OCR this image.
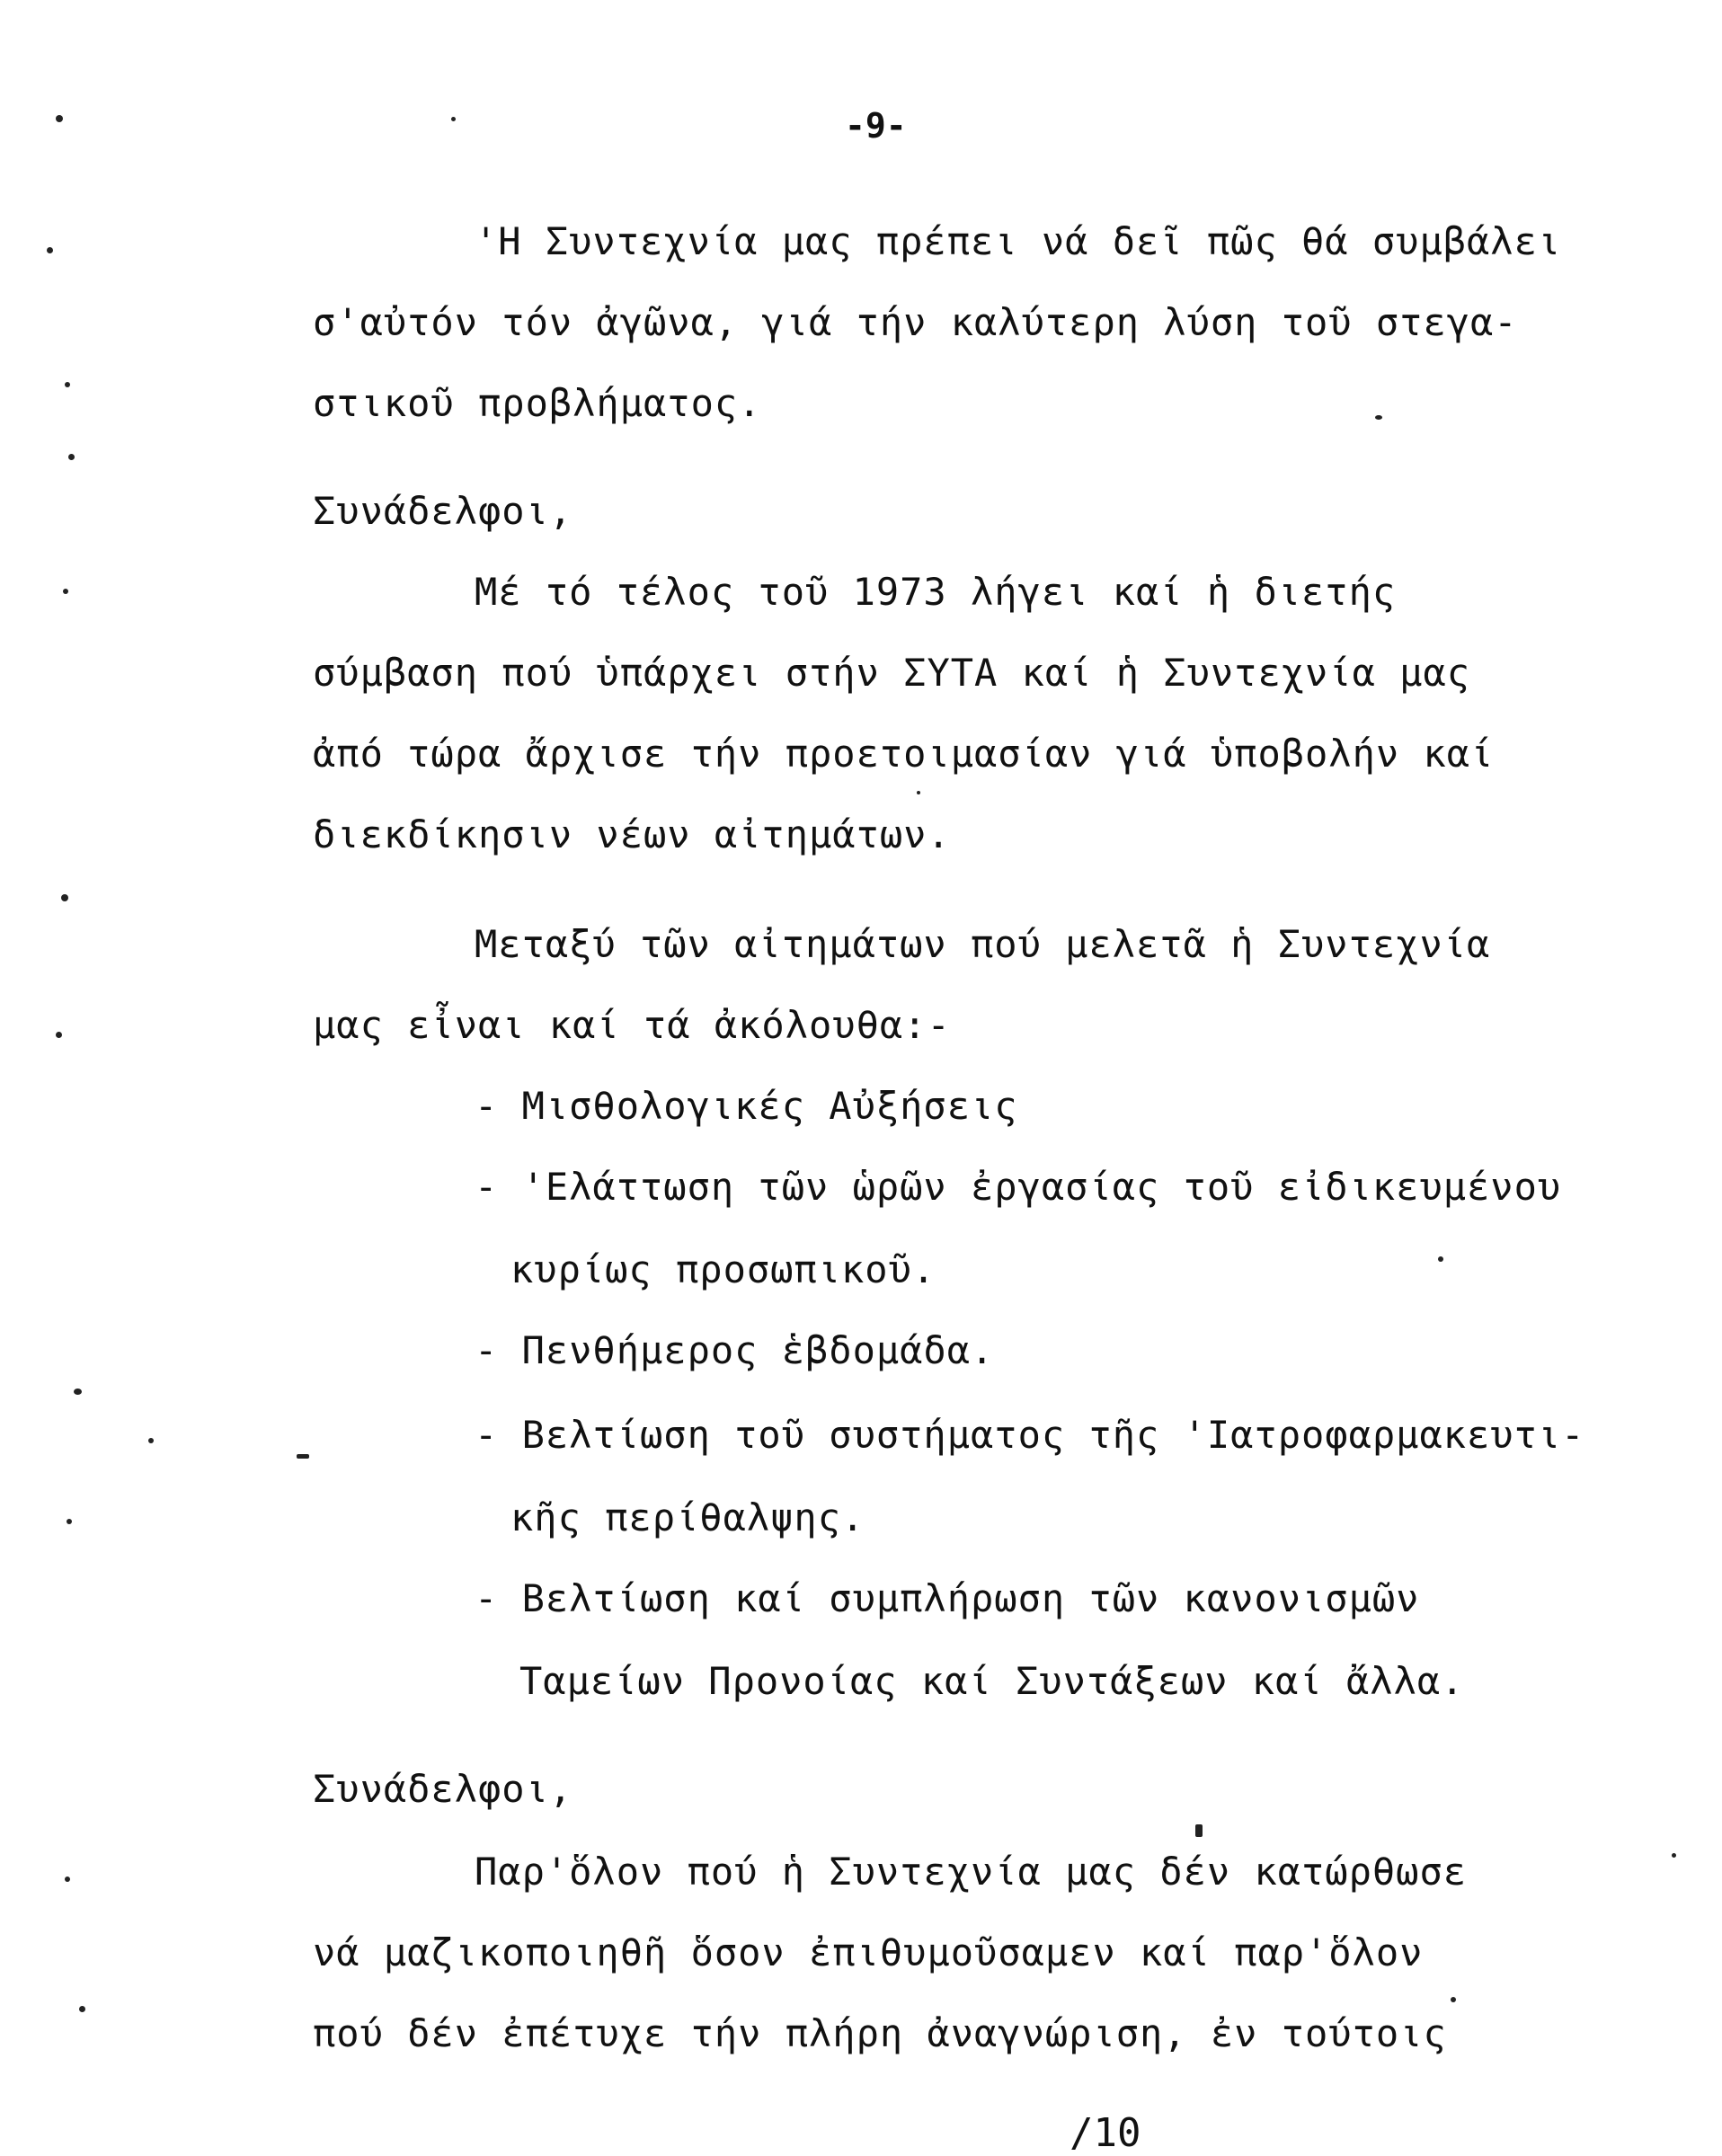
-9-
'Η Συντεχνία μας πρέπει νά δεῖ πῶς θά συμβάλει
σ'αὐτόν τόν ἀγῶνα, γιά τήν καλύτερη λύση τοῦ στεγα-
στικοῦ προβλήματος.
Συνάδελφοι,
Μέ τό τέλος τοῦ 1973 λήγει καί ἡ διετής
σύμβαση πού ὑπάρχει στήν ΣΥΤΑ καί ἡ Συντεχνία μας
ἀπό τώρα ἄρχισε τήν προετοιμασίαν γιά ὑποβολήν καί
διεκδίκησιν νέων αἰτημάτων.
Μεταξύ τῶν αἰτημάτων πού μελετᾶ ἡ Συντεχνία
μας εἶναι καί τά ἀκόλουθα:-
- Μισθολογικές Αὐξήσεις
- 'Ελάττωση τῶν ὡρῶν ἐργασίας τοῦ εἰδικευμένου
κυρίως προσωπικοῦ.
- Πενθήμερος ἑβδομάδα.
- Βελτίωση τοῦ συστήματος τῆς 'Ιατροφαρμακευτι-
κῆς περίθαλψης.
- Βελτίωση καί συμπλήρωση τῶν κανονισμῶν
Ταμείων Προνοίας καί Συντάξεων καί ἄλλα.
Συνάδελφοι,
Παρ'ὅλον πού ἡ Συντεχνία μας δέν κατώρθωσε
νά μαζικοποιηθῆ ὅσον ἐπιθυμοῦσαμεν καί παρ'ὅλον
πού δέν ἐπέτυχε τήν πλήρη ἀναγνώριση, ἐν τούτοις
/10
